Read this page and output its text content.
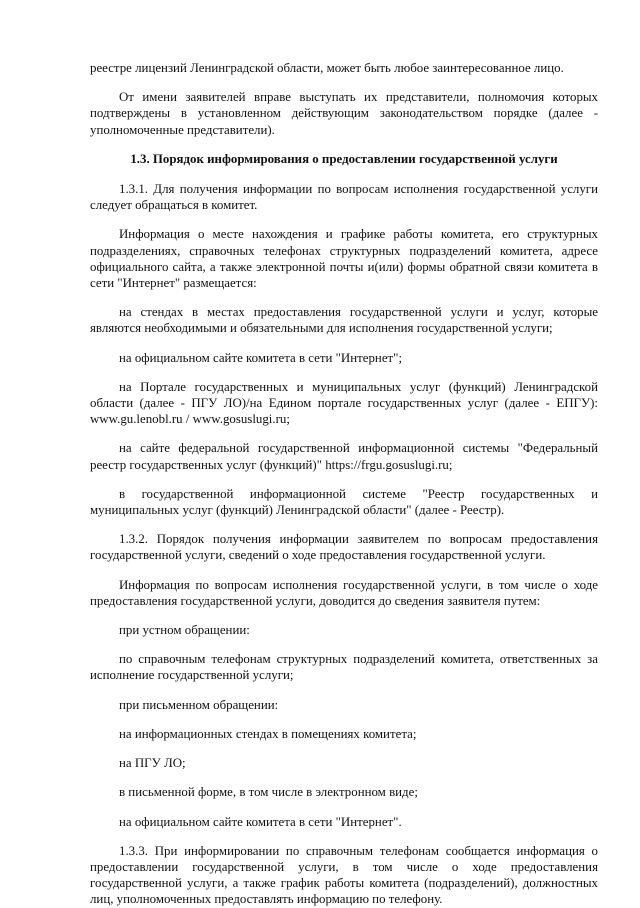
реестре лицензий Ленинградской области, может быть любое заинтересованное лицо.

От имени заявителей вправе выступать их представители, полномочия которых подтверждены в установленном действующим законодательством порядке (далее - уполномоченные представители).

1.3. Порядок информирования о предоставлении государственной услуги

1.3.1. Для получения информации по вопросам исполнения государственной услуги следует обращаться в комитет.

Информация о месте нахождения и графике работы комитета, его структурных подразделениях, справочных телефонах структурных подразделений комитета, адресе официального сайта, а также электронной почты и(или) формы обратной связи комитета в сети "Интернет" размещается:

на стендах в местах предоставления государственной услуги и услуг, которые являются необходимыми и обязательными для исполнения государственной услуги;

на официальном сайте комитета в сети "Интернет";

на Портале государственных и муниципальных услуг (функций) Ленинградской области (далее - ПГУ ЛО)/на Едином портале государственных услуг (далее - ЕПГУ): www.gu.lenobl.ru / www.gosuslugi.ru;

на сайте федеральной государственной информационной системы "Федеральный реестр государственных услуг (функций)" https://frgu.gosuslugi.ru;

в государственной информационной системе "Реестр государственных и муниципальных услуг (функций) Ленинградской области" (далее - Реестр).

1.3.2. Порядок получения информации заявителем по вопросам предоставления государственной услуги, сведений о ходе предоставления государственной услуги.

Информация по вопросам исполнения государственной услуги, в том числе о ходе предоставления государственной услуги, доводится до сведения заявителя путем:

при устном обращении:

по справочным телефонам структурных подразделений комитета, ответственных за исполнение государственной услуги;

при письменном обращении:

на информационных стендах в помещениях комитета;

на ПГУ ЛО;

в письменной форме, в том числе в электронном виде;

на официальном сайте комитета в сети "Интернет".

1.3.3. При информировании по справочным телефонам сообщается информация о предоставлении государственной услуги, в том числе о ходе предоставления государственной услуги, а также график работы комитета (подразделений), должностных лиц, уполномоченных предоставлять информацию по телефону.
